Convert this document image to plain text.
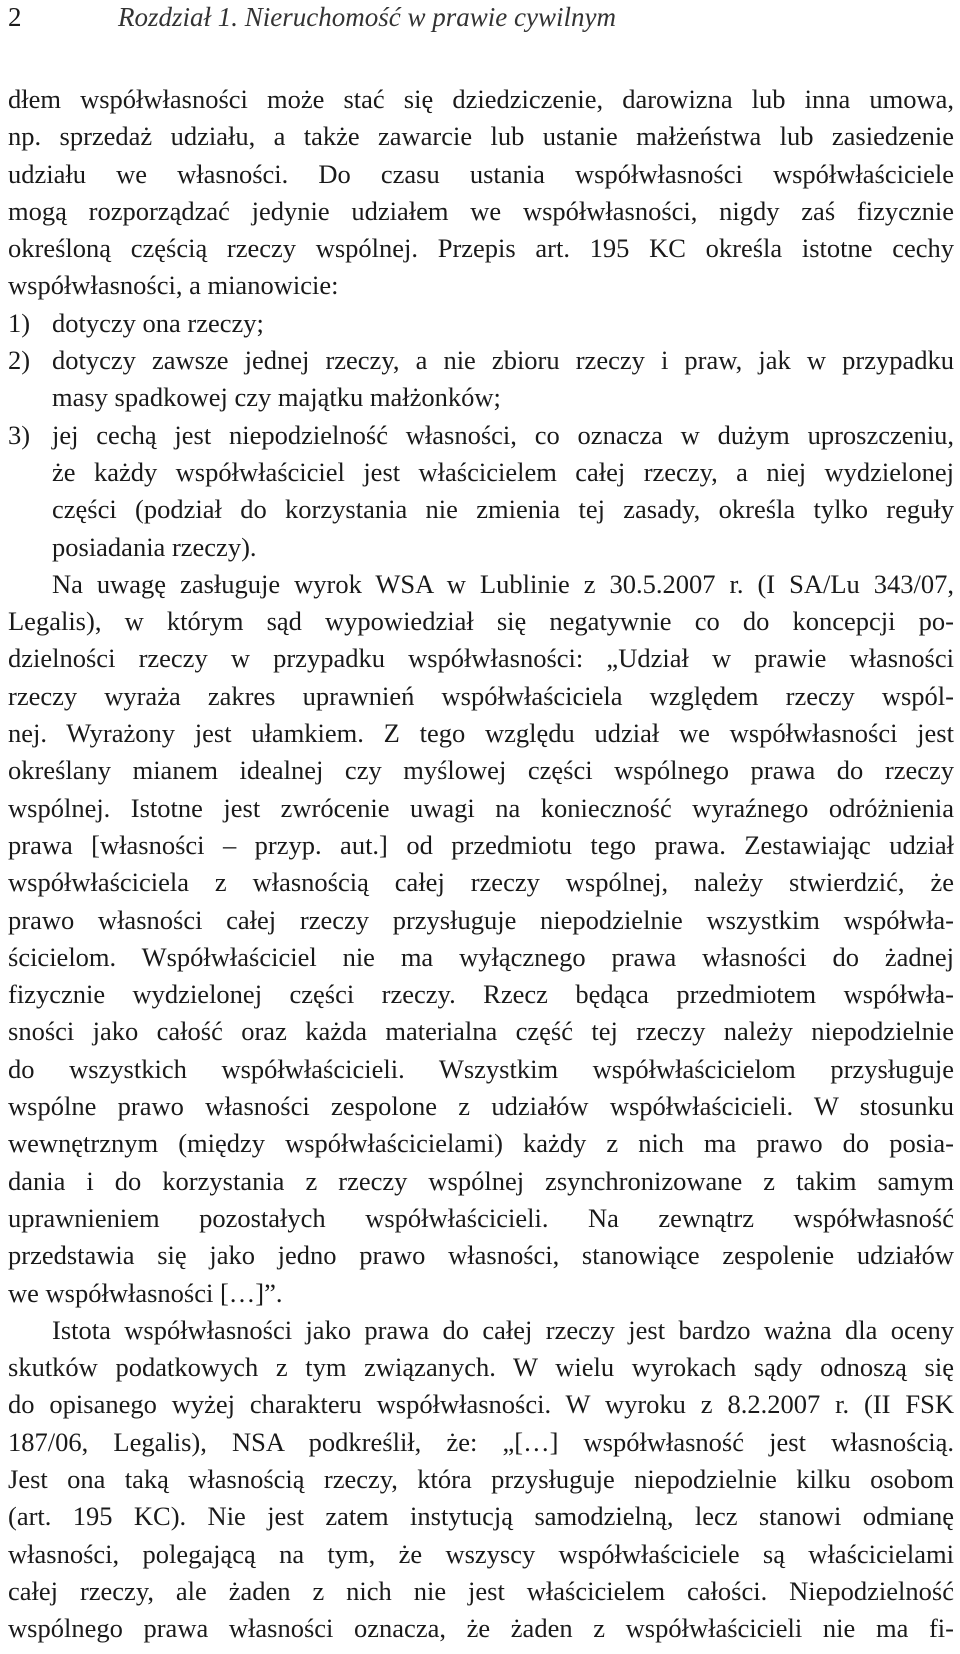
2	Rozdział 1. Nieruchomość w prawie cywilnym
dłem współwłasności może stać się dziedziczenie, darowizna lub inna umowa,
np. sprzedaż udziału, a także zawarcie lub ustanie małżeństwa lub zasiedzenie
udziału we własności. Do czasu ustania współwłasności współwłaściciele
mogą rozporządzać jedynie udziałem we współwłasności, nigdy zaś fizycznie
określoną częścią rzeczy wspólnej. Przepis art. 195 KC określa istotne cechy
współwłasności, a mianowicie:
1) dotyczy ona rzeczy;
2) dotyczy zawsze jednej rzeczy, a nie zbioru rzeczy i praw, jak w przypadku
masy spadkowej czy majątku małżonków;
3) jej cechą jest niepodzielność własności, co oznacza w dużym uproszczeniu,
że każdy współwłaściciel jest właścicielem całej rzeczy, a niej wydzielonej
części (podział do korzystania nie zmienia tej zasady, określa tylko reguły
posiadania rzeczy).
Na uwagę zasługuje wyrok WSA w Lublinie z 30.5.2007 r. (I SA/Lu 343/07,
Legalis), w którym sąd wypowiedział się negatywnie co do koncepcji po-
dzielności rzeczy w przypadku współwłasności: „Udział w prawie własności
rzeczy wyraża zakres uprawnień współwłaściciela względem rzeczy wspól-
nej. Wyrażony jest ułamkiem. Z tego względu udział we współwłasności jest
określany mianem idealnej czy myślowej części wspólnego prawa do rzeczy
wspólnej. Istotne jest zwrócenie uwagi na konieczność wyraźnego odróżnienia
prawa [własności – przyp. aut.] od przedmiotu tego prawa. Zestawiając udział
współwłaściciela z własnością całej rzeczy wspólnej, należy stwierdzić, że
prawo własności całej rzeczy przysługuje niepodzielnie wszystkim współwła-
ścicielom. Współwłaściciel nie ma wyłącznego prawa własności do żadnej
fizycznie wydzielonej części rzeczy. Rzecz będąca przedmiotem współwła-
sności jako całość oraz każda materialna część tej rzeczy należy niepodzielnie
do wszystkich współwłaścicieli. Wszystkim współwłaścicielom przysługuje
wspólne prawo własności zespolone z udziałów współwłaścicieli. W stosunku
wewnętrznym (między współwłaścicielami) każdy z nich ma prawo do posia-
dania i do korzystania z rzeczy wspólnej zsynchronizowane z takim samym
uprawnieniem pozostałych współwłaścicieli. Na zewnątrz współwłasność
przedstawia się jako jedno prawo własności, stanowiące zespolenie udziałów
we współwłasności […]”.
Istota współwłasności jako prawa do całej rzeczy jest bardzo ważna dla oceny
skutków podatkowych z tym związanych. W wielu wyrokach sądy odnoszą się
do opisanego wyżej charakteru współwłasności. W wyroku z 8.2.2007 r. (II FSK
187/06, Legalis), NSA podkreślił, że: „[…] współwłasność jest własnością.
Jest ona taką własnością rzeczy, która przysługuje niepodzielnie kilku osobom
(art. 195 KC). Nie jest zatem instytucją samodzielną, lecz stanowi odmianę
własności, polegającą na tym, że wszyscy współwłaściciele są właścicielami
całej rzeczy, ale żaden z nich nie jest właścicielem całości. Niepodzielność
wspólnego prawa własności oznacza, że żaden z współwłaścicieli nie ma fi-
